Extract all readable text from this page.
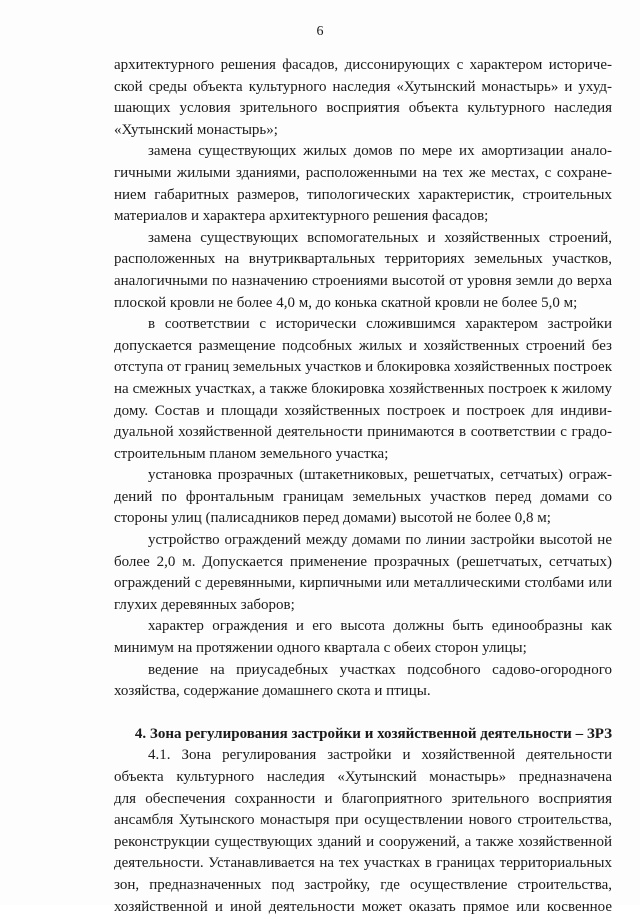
6
архитектурного решения фасадов, диссонирующих с характером историче-
ской среды объекта культурного наследия «Хутынский монастырь» и ухуд-
шающих условия зрительного восприятия объекта культурного наследия
«Хутынский монастырь»;
замена существующих жилых домов по мере их амортизации анало-
гичными жилыми зданиями, расположенными на тех же местах, с сохране-
нием габаритных размеров, типологических характеристик, строительных
материалов и характера архитектурного решения фасадов;
замена существующих вспомогательных и хозяйственных строений,
расположенных на внутриквартальных территориях земельных участков,
аналогичными по назначению строениями высотой от уровня земли до верха
плоской кровли не более 4,0 м, до конька скатной кровли не более 5,0 м;
в соответствии с исторически сложившимся характером застройки
допускается размещение подсобных жилых и хозяйственных строений без
отступа от границ земельных участков и блокировка хозяйственных построек
на смежных участках, а также блокировка хозяйственных построек к жилому
дому. Состав и площади хозяйственных построек и построек для индиви-
дуальной хозяйственной деятельности принимаются в соответствии с градо-
строительным планом земельного участка;
установка прозрачных (штакетниковых, решетчатых, сетчатых) ограж-
дений по фронтальным границам земельных участков перед домами со
стороны улиц (палисадников перед домами) высотой не более 0,8 м;
устройство ограждений между домами по линии застройки высотой не
более 2,0 м. Допускается применение прозрачных (решетчатых, сетчатых)
ограждений с деревянными, кирпичными или металлическими столбами или
глухих деревянных заборов;
характер ограждения и его высота должны быть единообразны как
минимум на протяжении одного квартала с обеих сторон улицы;
ведение на приусадебных участках подсобного садово-огородного
хозяйства, содержание домашнего скота и птицы.
4. Зона регулирования застройки и хозяйственной деятельности – ЗРЗ
4.1. Зона регулирования застройки и хозяйственной деятельности
объекта культурного наследия «Хутынский монастырь» предназначена
для обеспечения сохранности и благоприятного зрительного восприятия
ансамбля Хутынского монастыря при осуществлении нового строительства,
реконструкции существующих зданий и сооружений, а также хозяйственной
деятельности. Устанавливается на тех участках в границах территориальных
зон, предназначенных под застройку, где осуществление строительства,
хозяйственной и иной деятельности может оказать прямое или косвенное
